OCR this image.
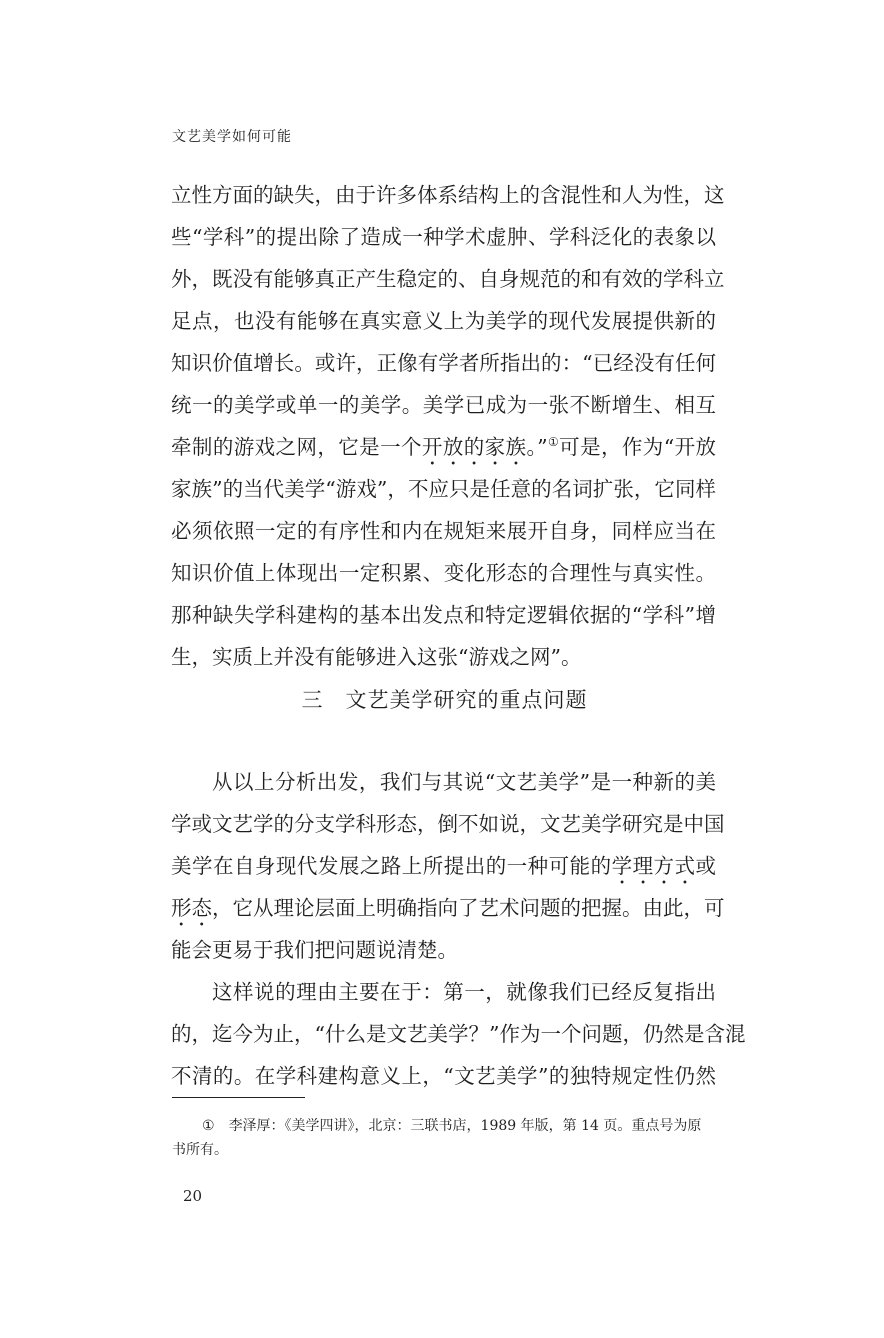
文艺美学如何可能
立性方面的缺失，由于许多体系结构上的含混性和人为性，这
些“学科”的提出除了造成一种学术虚肿、学科泛化的表象以
外，既没有能够真正产生稳定的、自身规范的和有效的学科立
足点，也没有能够在真实意义上为美学的现代发展提供新的
知识价值增长。或许，正像有学者所指出的：“已经没有任何
统一的美学或单一的美学。美学已成为一张不断增生、相互
牵制的游戏之网，它是一个开放的家族。”①可是，作为“开放
家族”的当代美学“游戏”，不应只是任意的名词扩张，它同样
必须依照一定的有序性和内在规矩来展开自身，同样应当在
知识价值上体现出一定积累、变化形态的合理性与真实性。
那种缺失学科建构的基本出发点和特定逻辑依据的“学科”增
生，实质上并没有能够进入这张“游戏之网”。
三 文艺美学研究的重点问题
从以上分析出发，我们与其说“文艺美学”是一种新的美
学或文艺学的分支学科形态，倒不如说，文艺美学研究是中国
美学在自身现代发展之路上所提出的一种可能的学理方式或
形态，它从理论层面上明确指向了艺术问题的把握。由此，可
能会更易于我们把问题说清楚。
这样说的理由主要在于：第一，就像我们已经反复指出
的，迄今为止，“什么是文艺美学？”作为一个问题，仍然是含混
不清的。在学科建构意义上，“文艺美学”的独特规定性仍然
① 李泽厚：《美学四讲》，北京：三联书店，1989 年版，第 14 页。重点号为原
书所有。
20
